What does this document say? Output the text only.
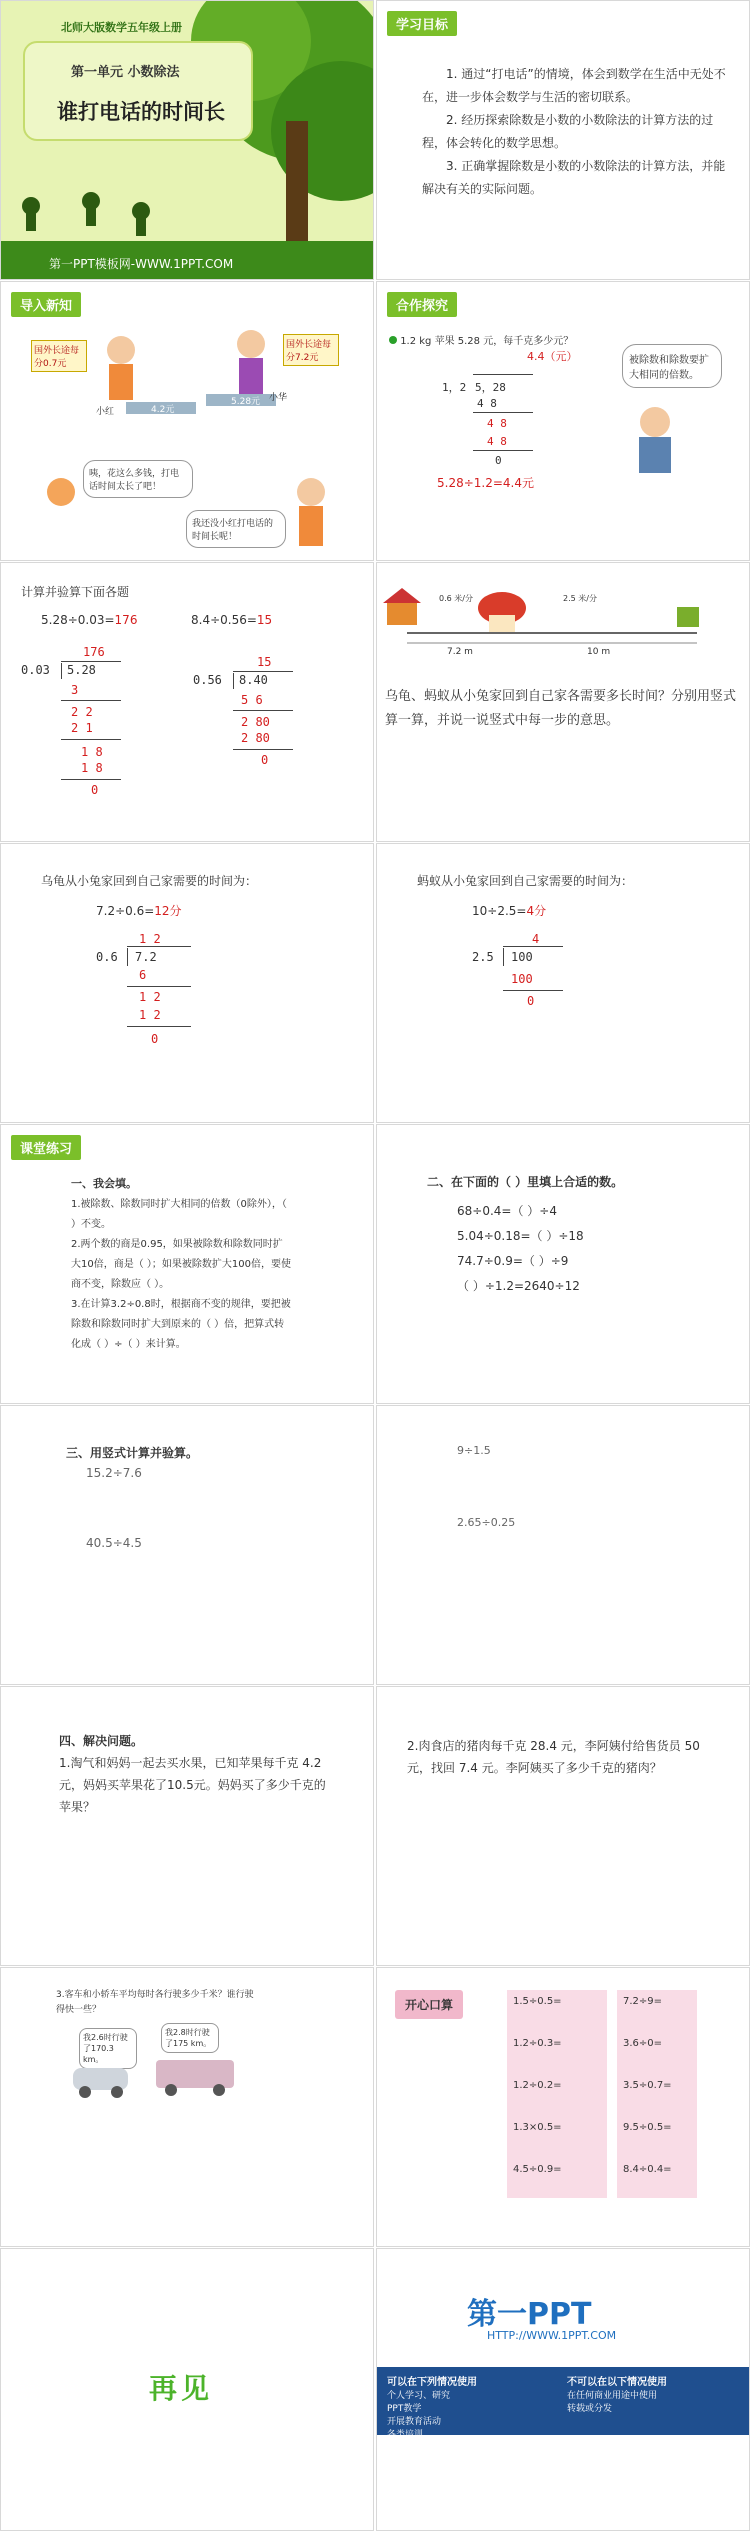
北师大版数学五年级上册
第一单元 小数除法
谁打电话的时间长
第一PPT模板网-WWW.1PPT.COM
学习目标

1. 通过“打电话”的情境，体会到数学在生活中无处不在，进一步体会数学与生活的密切联系。

2. 经历探索除数是小数的小数除法的计算方法的过程，体会转化的数学思想。

3. 正确掌握除数是小数的小数除法的计算方法，并能解决有关的实际问题。

导入新知
国外长途每分0.7元
国外长途每分7.2元
小红
小华
4.2元
5.28元
咦，花这么多钱，打电话时间太长了吧！
我还没小红打电话的时间长呢！
合作探究
1.2 kg 苹果 5.28 元，每千克多少元？
4.4（元）
1，2 5，28
4 8
4 8
4 8
0
5.28÷1.2=4.4元
被除数和除数要扩大相同的倍数。
计算并验算下面各题
5.28÷0.03=176	8.4÷0.56=15
0.03
176
5.28
3
2 2
2 1
1 8
1 8
0
0.56
15
8.40
5 6
2 80
2 80
0
0.6 米/分	2.5 米/分
7.2 m	10 m
乌龟、蚂蚁从小兔家回到自己家各需要多长时间？分别用竖式算一算，并说一说竖式中每一步的意思。
乌龟从小兔家回到自己家需要的时间为：
7.2÷0.6=12分
0.6
1 2
7.2
6
1 2
1 2
0
蚂蚁从小兔家回到自己家需要的时间为：
10÷2.5=4分
2.5
4
100
100
0
课堂练习
一、我会填。

1.被除数、除数同时扩大相同的倍数（0除外），（ ）不变。

2.两个数的商是0.95，如果被除数和除数同时扩大10倍，商是（ ）；如果被除数扩大100倍，要使商不变，除数应（ ）。

3.在计算3.2÷0.8时，根据商不变的规律，要把被除数和除数同时扩大到原来的（ ）倍，把算式转化成（ ）÷（ ）来计算。

二、在下面的（ ）里填上合适的数。

68÷0.4=（ ）÷4

5.04÷0.18=（ ）÷18

74.7÷0.9=（ ）÷9

（ ）÷1.2=2640÷12

三、用竖式计算并验算。
15.2÷7.6
40.5÷4.5
9÷1.5
2.65÷0.25
四、解决问题。
1.淘气和妈妈一起去买水果，已知苹果每千克 4.2 元，妈妈买苹果花了10.5元。妈妈买了多少千克的苹果？
2.肉食店的猪肉每千克 28.4 元，李阿姨付给售货员 50 元，找回 7.4 元。李阿姨买了多少千克的猪肉？
3.客车和小轿车平均每时各行驶多少千米？谁行驶得快一些？
我2.6时行驶了170.3 km。
我2.8时行驶了175 km。
开心口算	1.5÷0.5=

1.2÷0.3=

1.2÷0.2=

1.3×0.5=

4.5÷0.9=

7.2÷9=

3.6÷0=

3.5÷0.7=

9.5÷0.5=

8.4÷0.4=

再见
第一PPT
HTTP://WWW.1PPT.COM
可以在下列情况使用
个人学习、研究
PPT教学
开展教育活动
各类培训
不可以在以下情况使用
在任何商业用途中使用
转载或分发
